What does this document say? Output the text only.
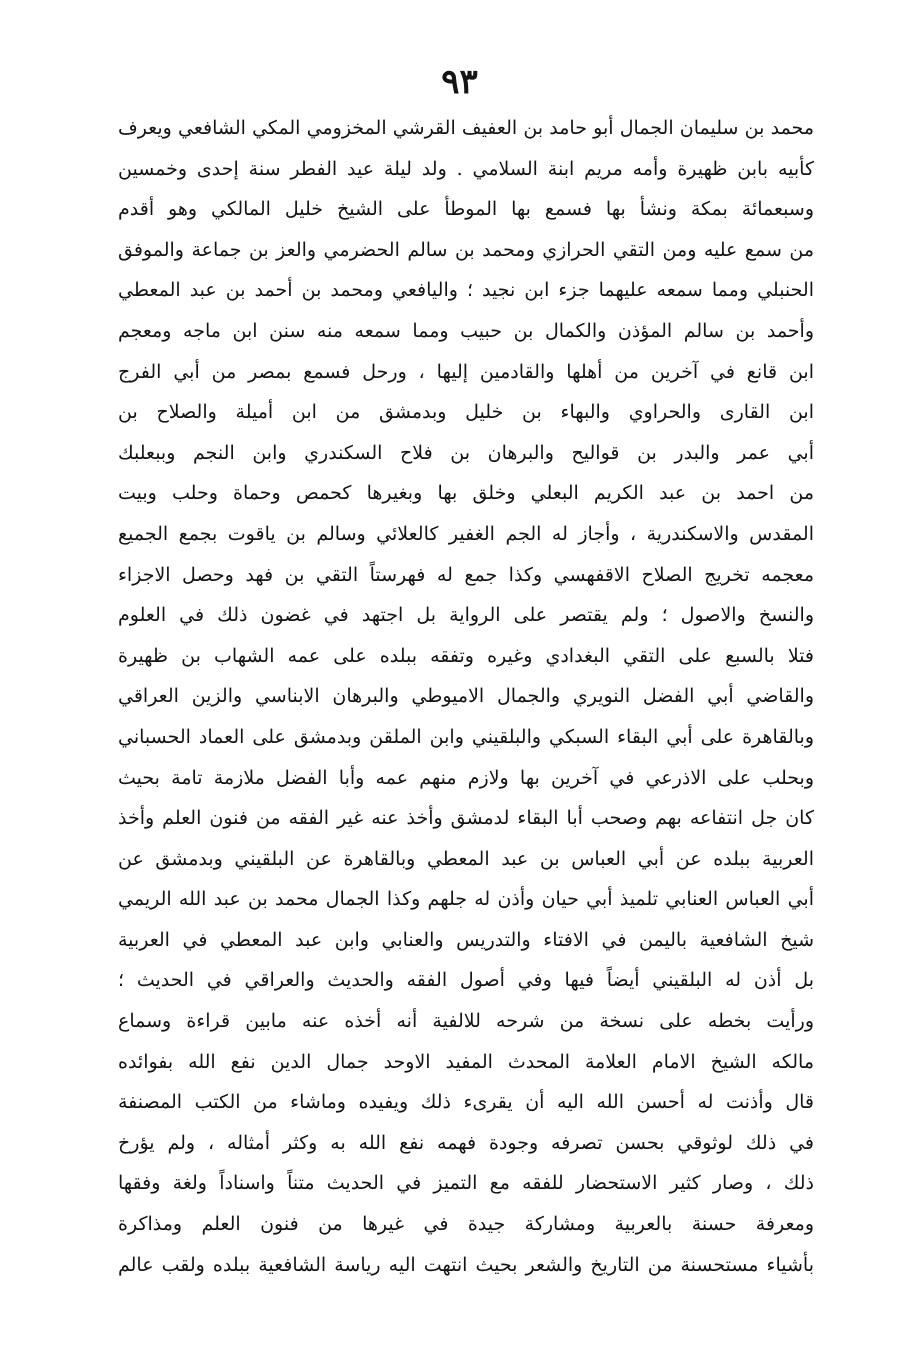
٩٣
محمد بن سليمان الجمال أبو حامد بن العفيف القرشي المخزومي المكي الشافعي ويعرف
كأبيه بابن ظهيرة وأمه مريم ابنة السلامي . ولد ليلة عيد الفطر سنة إحدى وخمسين
وسبعمائة بمكة ونشأ بها فسمع بها الموطأ على الشيخ خليل المالكي وهو أقدم
من سمع عليه ومن التقي الحرازي ومحمد بن سالم الحضرمي والعز بن جماعة والموفق
الحنبلي ومما سمعه عليهما جزء ابن نجيد ؛ واليافعي ومحمد بن أحمد بن عبد المعطي
وأحمد بن سالم المؤذن والكمال بن حبيب ومما سمعه منه سنن ابن ماجه ومعجم
ابن قانع في آخرين من أهلها والقادمين إليها ، ورحل فسمع بمصر من أبي الفرج
ابن القارى والحراوي والبهاء بن خليل وبدمشق من ابن أميلة والصلاح بن
أبي عمر والبدر بن قواليح والبرهان بن فلاح السكندري وابن النجم وببعلبك
من احمد بن عبد الكريم البعلي وخلق بها وبغيرها كحمص وحماة وحلب وبيت
المقدس والاسكندرية ، وأجاز له الجم الغفير كالعلائي وسالم بن ياقوت بجمع الجميع
معجمه تخريج الصلاح الاقفهسي وكذا جمع له فهرستاً التقي بن فهد وحصل الاجزاء
والنسخ والاصول ؛ ولم يقتصر على الرواية بل اجتهد في غضون ذلك في العلوم
فتلا بالسبع على التقي البغدادي وغيره وتفقه ببلده على عمه الشهاب بن ظهيرة
والقاضي أبي الفضل النويري والجمال الاميوطي والبرهان الابناسي والزين العراقي
وبالقاهرة على أبي البقاء السبكي والبلقيني وابن الملقن وبدمشق على العماد الحسباني
وبحلب على الاذرعي في آخرين بها ولازم منهم عمه وأبا الفضل ملازمة تامة بحيث
كان جل انتفاعه بهم وصحب أبا البقاء لدمشق وأخذ عنه غير الفقه من فنون العلم وأخذ
العربية ببلده عن أبي العباس بن عبد المعطي وبالقاهرة عن البلقيني وبدمشق عن
أبي العباس العنابي تلميذ أبي حيان وأذن له جلهم وكذا الجمال محمد بن عبد الله الريمي
شيخ الشافعية باليمن في الافتاء والتدريس والعنابي وابن عبد المعطي في العربية
بل أذن له البلقيني أيضاً فيها وفي أصول الفقه والحديث والعراقي في الحديث ؛
ورأيت بخطه على نسخة من شرحه للالفية أنه أخذه عنه مابين قراءة وسماع
مالكه الشيخ الامام العلامة المحدث المفيد الاوحد جمال الدين نفع الله بفوائده
قال وأذنت له أحسن الله اليه أن يقرىء ذلك ويفيده وماشاء من الكتب المصنفة
في ذلك لوثوقي بحسن تصرفه وجودة فهمه نفع الله به وكثر أمثاله ، ولم يؤرخ
ذلك ، وصار كثير الاستحضار للفقه مع التميز في الحديث متناً واسناداً ولغة وفقها
ومعرفة حسنة بالعربية ومشاركة جيدة في غيرها من فنون العلم ومذاكرة
بأشياء مستحسنة من التاريخ والشعر بحيث انتهت اليه رياسة الشافعية ببلده ولقب عالم
